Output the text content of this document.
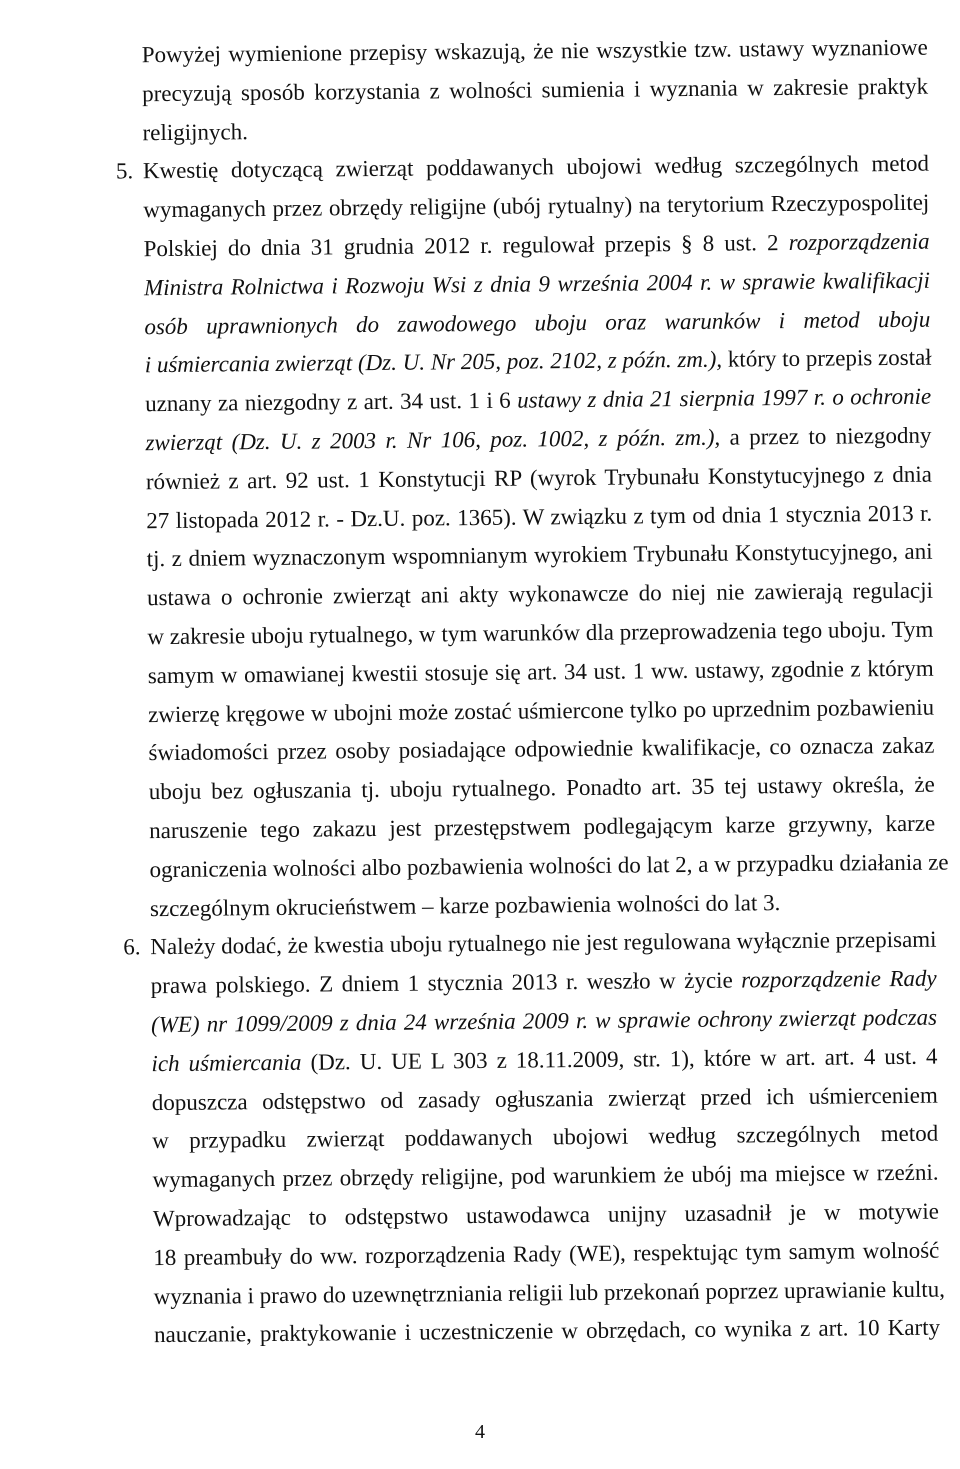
Powyżej wymienione przepisy wskazują, że nie wszystkie tzw. ustawy wyznaniowe
precyzują sposób korzystania z wolności sumienia i wyznania w zakresie praktyk
religijnych.
5. Kwestię dotyczącą zwierząt poddawanych ubojowi według szczególnych metod
wymaganych przez obrzędy religijne (ubój rytualny) na terytorium Rzeczypospolitej
Polskiej do dnia 31 grudnia 2012 r. regulował przepis § 8 ust. 2 rozporządzenia
Ministra Rolnictwa i Rozwoju Wsi z dnia 9 września 2004 r. w sprawie kwalifikacji
osób uprawnionych do zawodowego uboju oraz warunków i metod uboju
i uśmiercania zwierząt (Dz. U. Nr 205, poz. 2102, z późn. zm.), który to przepis został
uznany za niezgodny z art. 34 ust. 1 i 6 ustawy z dnia 21 sierpnia 1997 r. o ochronie
zwierząt (Dz. U. z 2003 r. Nr 106, poz. 1002, z późn. zm.), a przez to niezgodny
również z art. 92 ust. 1 Konstytucji RP (wyrok Trybunału Konstytucyjnego z dnia
27 listopada 2012 r. - Dz.U. poz. 1365). W związku z tym od dnia 1 stycznia 2013 r.
tj. z dniem wyznaczonym wspomnianym wyrokiem Trybunału Konstytucyjnego, ani
ustawa o ochronie zwierząt ani akty wykonawcze do niej nie zawierają regulacji
w zakresie uboju rytualnego, w tym warunków dla przeprowadzenia tego uboju. Tym
samym w omawianej kwestii stosuje się art. 34 ust. 1 ww. ustawy, zgodnie z którym
zwierzę kręgowe w ubojni może zostać uśmiercone tylko po uprzednim pozbawieniu
świadomości przez osoby posiadające odpowiednie kwalifikacje, co oznacza zakaz
uboju bez ogłuszania tj. uboju rytualnego. Ponadto art. 35 tej ustawy określa, że
naruszenie tego zakazu jest przestępstwem podlegającym karze grzywny, karze
ograniczenia wolności albo pozbawienia wolności do lat 2, a w przypadku działania ze
szczególnym okrucieństwem – karze pozbawienia wolności do lat 3.
6. Należy dodać, że kwestia uboju rytualnego nie jest regulowana wyłącznie przepisami
prawa polskiego. Z dniem 1 stycznia 2013 r. weszło w życie rozporządzenie Rady
(WE) nr 1099/2009 z dnia 24 września 2009 r. w sprawie ochrony zwierząt podczas
ich uśmiercania (Dz. U. UE L 303 z 18.11.2009, str. 1), które w art. art. 4 ust. 4
dopuszcza odstępstwo od zasady ogłuszania zwierząt przed ich uśmierceniem
w przypadku zwierząt poddawanych ubojowi według szczególnych metod
wymaganych przez obrzędy religijne, pod warunkiem że ubój ma miejsce w rzeźni.
Wprowadzając to odstępstwo ustawodawca unijny uzasadnił je w motywie
18 preambuły do ww. rozporządzenia Rady (WE), respektując tym samym wolność
wyznania i prawo do uzewnętrzniania religii lub przekonań poprzez uprawianie kultu,
nauczanie, praktykowanie i uczestniczenie w obrzędach, co wynika z art. 10 Karty
4
